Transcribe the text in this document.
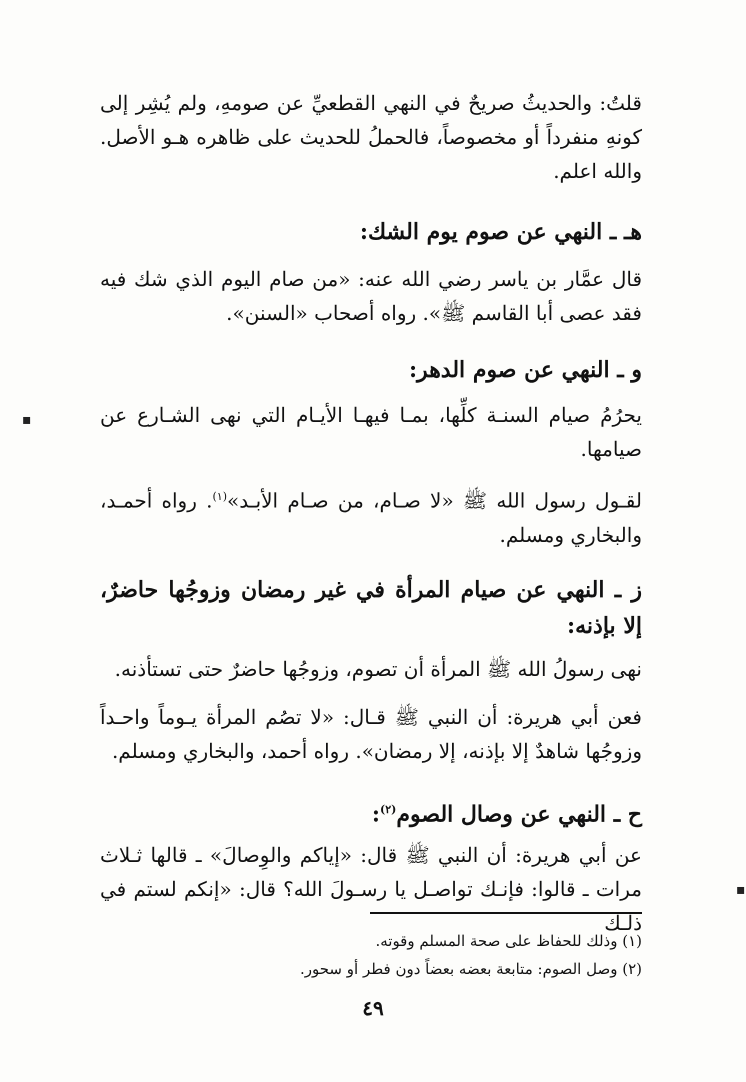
قلتُ: والحديثُ صريحٌ في النهي القطعيِّ عن صومهِ، ولم يُشِر إلى كونهِ منفرداً أو مخصوصاً، فالحملُ للحديث على ظاهره هـو الأصل. والله اعلم.
هـ ـ النهي عن صوم يوم الشك:
قال عمَّار بن ياسر رضي الله عنه: «من صام اليوم الذي شك فيه فقد عصى أبا القاسم ﷺ». رواه أصحاب «السنن».
و ـ النهي عن صوم الدهر:
يحرُمُ صيام السنـة كلِّها، بمـا فيهـا الأيـام التي نهى الشـارع عن صيامها.
لقـول رسول الله ﷺ «لا صـام، من صـام الأبـد»$^{(١)}$. رواه أحمـد، والبخاري ومسلم.
ز ـ النهي عن صيام المرأة في غير رمضان وزوجُها حاضرٌ، إلا بإذنه:
نهى رسولُ الله ﷺ المرأة أن تصوم، وزوجُها حاضرٌ حتى تستأذنه.
فعن أبي هريرة: أن النبي ﷺ قـال: «لا تصُم المرأة يـوماً واحـداً وزوجُها شاهدٌ إلا بإذنه، إلا رمضان». رواه أحمد، والبخاري ومسلم.
ح ـ النهي عن وصال الصوم$^{(٢)}$:
عن أبي هريرة: أن النبي ﷺ قال: «إياكم والوِصالَ» ـ قالها ثـلاث مرات ـ قالوا: فإنـك تواصـل يا رسـولَ الله؟ قال: «إنكم لستم في ذلـك
(١) وذلك للحفاظ على صحة المسلم وقوته.
(٢) وصل الصوم: متابعة بعضه بعضاً دون فطر أو سحور.
٤٩
▪
▪
